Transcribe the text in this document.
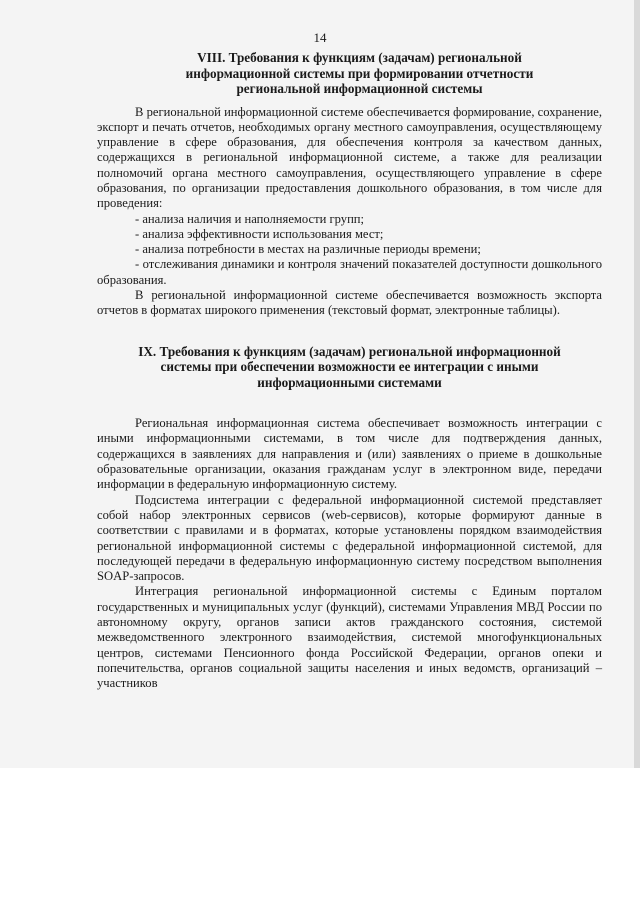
14
VIII. Требования к функциям (задачам) региональной
информационной системы при формировании отчетности
региональной информационной системы

В региональной информационной системе обеспечивается формирование, сохранение, экспорт и печать отчетов, необходимых органу местного самоуправления, осуществляющему управление в сфере образования, для обеспечения контроля за качеством данных, содержащихся в региональной информационной системе, а также для реализации полномочий органа местного самоуправления, осуществляющего управление в сфере образования, по организации предоставления дошкольного образования, в том числе для проведения:

- анализа наличия и наполняемости групп;
- анализа эффективности использования мест;
- анализа потребности в местах на различные периоды времени;
- отслеживания динамики и контроля значений показателей доступности дошкольного образования.

В региональной информационной системе обеспечивается возможность экспорта отчетов в форматах широкого применения (текстовый формат, электронные таблицы).

IX. Требования к функциям (задачам) региональной информационной
системы при обеспечении возможности ее интеграции с иными
информационными системами

Региональная информационная система обеспечивает возможность интеграции с иными информационными системами, в том числе для подтверждения данных, содержащихся в заявлениях для направления и (или) заявлениях о приеме в дошкольные образовательные организации, оказания гражданам услуг в электронном виде, передачи информации в федеральную информационную систему.

Подсистема интеграции с федеральной информационной системой представляет собой набор электронных сервисов (web-сервисов), которые формируют данные в соответствии с правилами и в форматах, которые установлены порядком взаимодействия региональной информационной системы с федеральной информационной системой, для последующей передачи в федеральную информационную систему посредством выполнения SOAP-запросов.

Интеграция региональной информационной системы с Единым порталом государственных и муниципальных услуг (функций), системами Управления МВД России по автономному округу, органов записи актов гражданского состояния, системой межведомственного электронного взаимодействия, системой многофункциональных центров, системами Пенсионного фонда Российской Федерации, органов опеки и попечительства, органов социальной защиты населения и иных ведомств, организаций – участников
